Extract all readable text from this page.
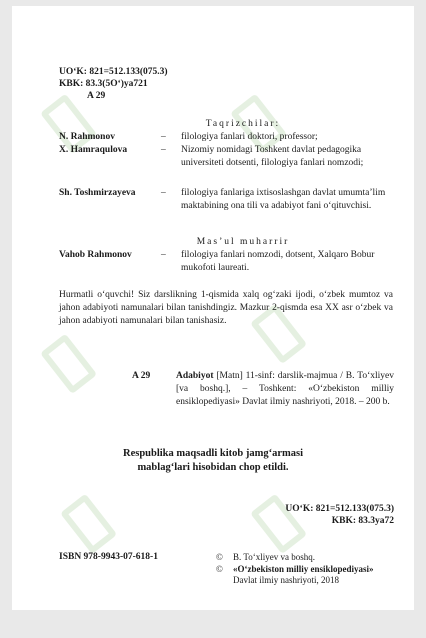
UO‘K: 821=512.133(075.3)
KBK: 83.3(5O‘)ya721
A 29
Taqrizchilar:
N. Rahmonov	– filologiya fanlari doktori, professor;
X. Hamraqulova	– Nizomiy nomidagi Toshkent davlat pedagogika universiteti dotsenti, filologiya fanlari nomzodi;
Sh. Toshmirzayeva	– filologiya fanlariga ixtisoslashgan davlat umumta’lim maktabining ona tili va adabiyot fani o‘qituvchisi.
Mas’ul muharrir
Vahob Rahmonov	– filologiya fanlari nomzodi, dotsent, Xalqaro Bobur mukofoti laureati.
Hurmatli o‘quvchi! Siz darslikning 1-qismida xalq og‘zaki ijodi, o‘zbek mumtoz va jahon adabiyoti namunalari bilan tanishdingiz. Mazkur 2-qismda esa XX asr o‘zbek va jahon adabiyoti namunalari bilan tanishasiz.
A 29	Adabiyot [Matn] 11-sinf: darslik-majmua / B. To‘xliyev [va boshq.], – Toshkent: «O‘zbekiston milliy ensiklopediyasi» Davlat ilmiy nashriyoti, 2018. – 200 b.
Respublika maqsadli kitob jamg‘armasi
mablag‘lari hisobidan chop etildi.
UO‘K: 821=512.133(075.3)
KBK: 83.3ya72
ISBN 978-9943-07-618-1	© B. To‘xliyev va boshq.
© «O‘zbekiston milliy ensiklopediyasi»
Davlat ilmiy nashriyoti, 2018
